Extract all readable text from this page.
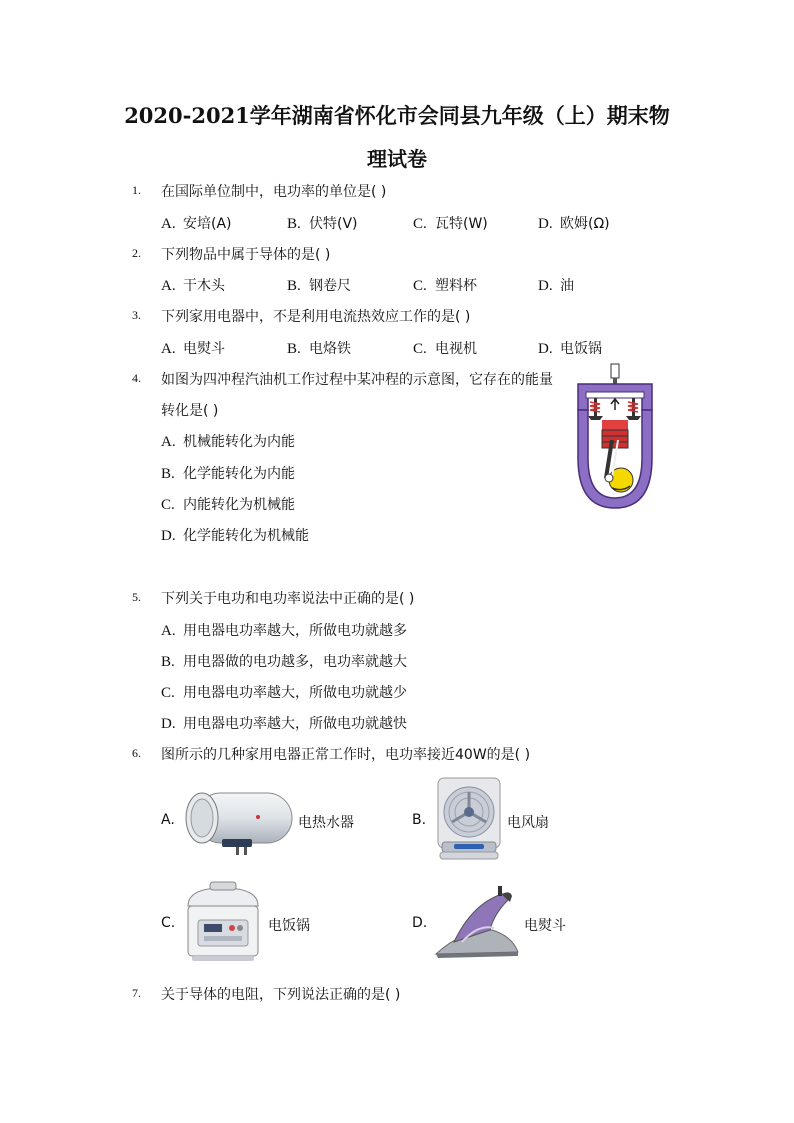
2020-2021学年湖南省怀化市会同县九年级（上）期末物
理试卷
1. 在国际单位制中，电功率的单位是( )
A. 安培(A)	B. 伏特(V)	C. 瓦特(W)	D. 欧姆(Ω)
2. 下列物品中属于导体的是( )
A. 干木头	B. 钢卷尺	C. 塑料杯	D. 油
3. 下列家用电器中，不是利用电流热效应工作的是( )
A. 电熨斗	B. 电烙铁	C. 电视机	D. 电饭锅
4. 如图为四冲程汽油机工作过程中某冲程的示意图，它存在的能量
转化是( )
A. 机械能转化为内能
B. 化学能转化为内能
C. 内能转化为机械能
D. 化学能转化为机械能
5. 下列关于电功和电功率说法中正确的是( )
A. 用电器电功率越大，所做电功就越多
B. 用电器做的电功越多，电功率就越大
C. 用电器电功率越大，所做电功就越少
D. 用电器电功率越大，所做电功就越快
6. 图所示的几种家用电器正常工作时，电功率接近40W的是( )
A.	电热水器	B.	电风扇
C.	电饭锅	D.	电熨斗
7. 关于导体的电阻，下列说法正确的是( )
